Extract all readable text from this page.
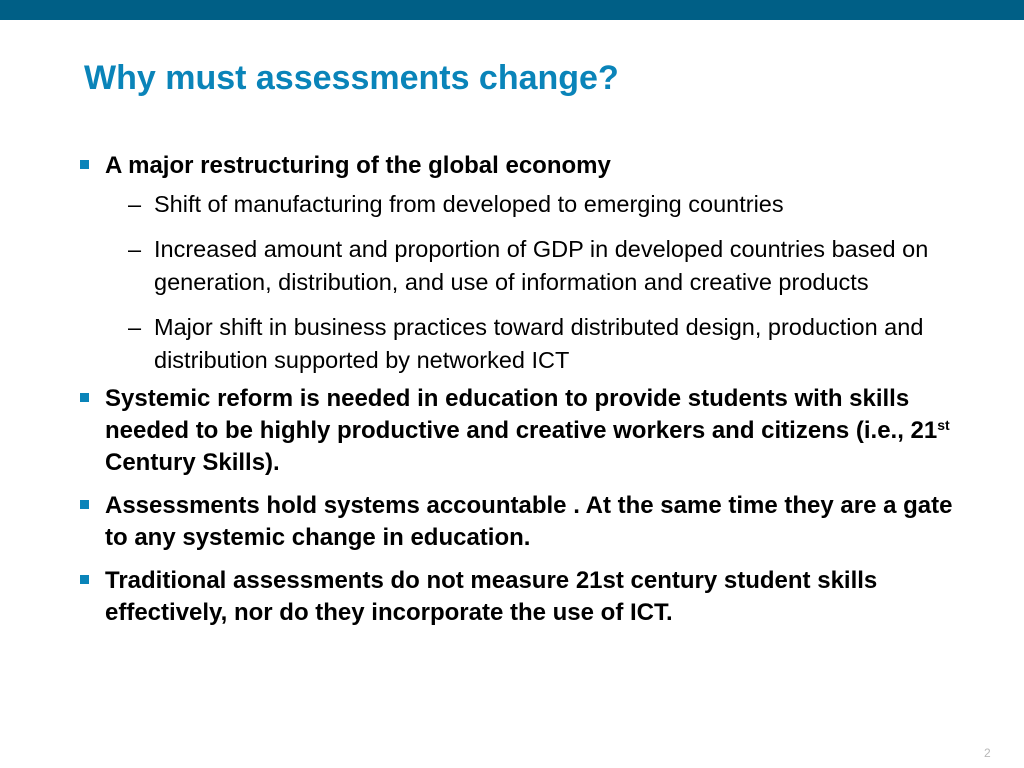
Why must assessments change?
A major restructuring of the global economy
– Shift of manufacturing from developed to emerging countries
– Increased amount and proportion of GDP in developed countries based on generation, distribution, and use of information and creative products
– Major shift in business practices toward distributed design, production and distribution supported by networked ICT
Systemic reform is needed in education to provide students with skills needed to be highly productive and creative workers and citizens (i.e., 21st Century Skills).
Assessments hold systems accountable . At the same time they are a gate to any systemic change in education.
Traditional assessments do not measure 21st century student skills effectively, nor do they incorporate the use of ICT.
2
